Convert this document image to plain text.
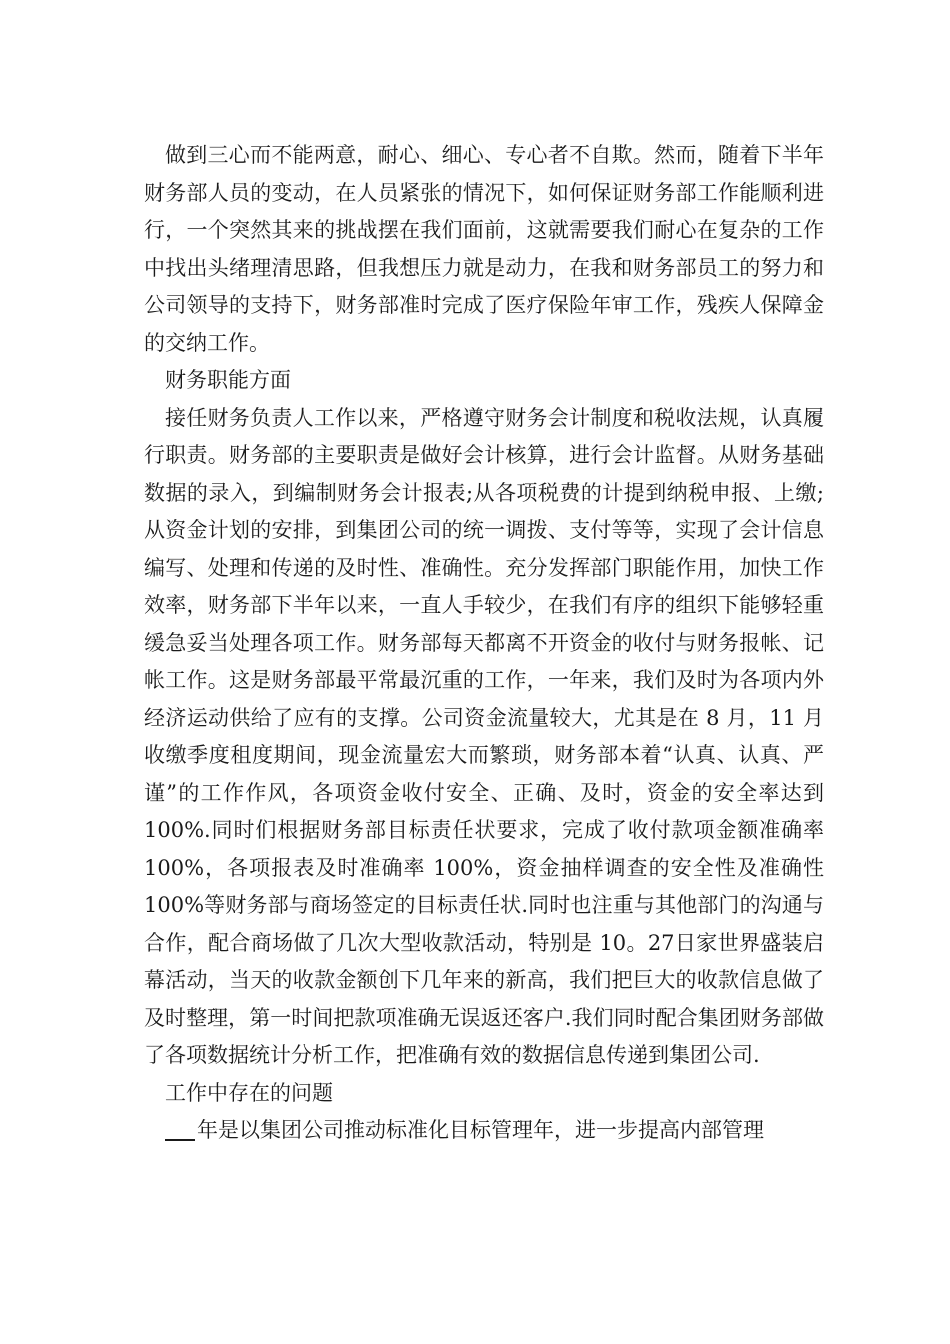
做到三心而不能两意，耐心、细心、专心者不自欺。然而，随着下半年财务部人员的变动，在人员紧张的情况下，如何保证财务部工作能顺利进行，一个突然其来的挑战摆在我们面前，这就需要我们耐心在复杂的工作中找出头绪理清思路，但我想压力就是动力，在我和财务部员工的努力和公司领导的支持下，财务部准时完成了医疗保险年审工作，残疾人保障金的交纳工作。

财务职能方面

接任财务负责人工作以来，严格遵守财务会计制度和税收法规，认真履行职责。财务部的主要职责是做好会计核算，进行会计监督。从财务基础数据的录入，到编制财务会计报表;从各项税费的计提到纳税申报、上缴;从资金计划的安排，到集团公司的统一调拨、支付等等，实现了会计信息编写、处理和传递的及时性、准确性。充分发挥部门职能作用，加快工作效率，财务部下半年以来，一直人手较少，在我们有序的组织下能够轻重缓急妥当处理各项工作。财务部每天都离不开资金的收付与财务报帐、记帐工作。这是财务部最平常最沉重的工作，一年来，我们及时为各项内外经济运动供给了应有的支撑。公司资金流量较大，尤其是在 8 月，11 月收缴季度租度期间，现金流量宏大而繁琐，财务部本着“认真、认真、严谨”的工作作风，各项资金收付安全、正确、及时，资金的安全率达到100%.同时们根据财务部目标责任状要求，完成了收付款项金额准确率 100%，各项报表及时准确率 100%，资金抽样调查的安全性及准确性 100%等财务部与商场签定的目标责任状.同时也注重与其他部门的沟通与合作，配合商场做了几次大型收款活动，特别是 10。27日家世界盛装启幕活动，当天的收款金额创下几年来的新高，我们把巨大的收款信息做了及时整理，第一时间把款项准确无误返还客户.我们同时配合集团财务部做了各项数据统计分析工作，把准确有效的数据信息传递到集团公司.

工作中存在的问题

年是以集团公司推动标准化目标管理年，进一步提高内部管理
